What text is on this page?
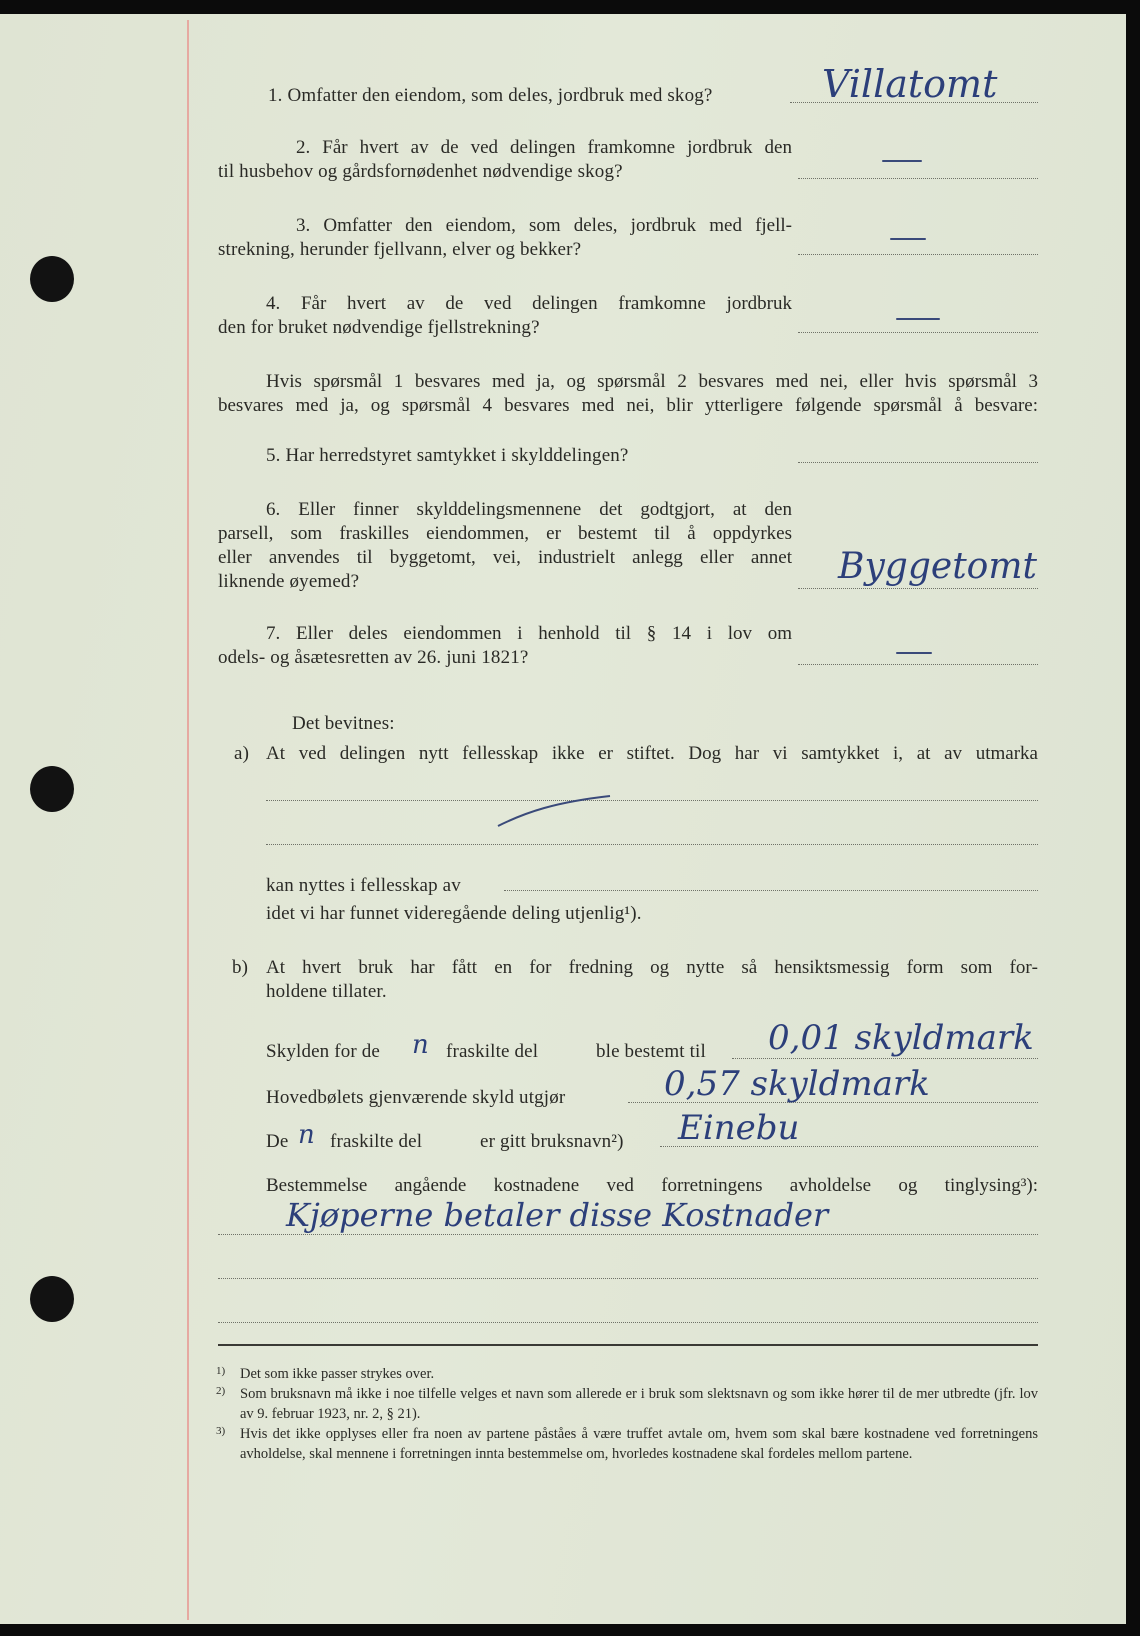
1. Omfatter den eiendom, som deles, jordbruk med skog?	Villatomt
2. Får hvert av de ved delingen framkomne jordbruk den
til husbehov og gårdsfornødenhet nødvendige skog?
3. Omfatter den eiendom, som deles, jordbruk med fjell‐
strekning, herunder fjellvann, elver og bekker?
4. Får hvert av de ved delingen framkomne jordbruk
den for bruket nødvendige fjellstrekning?
Hvis spørsmål 1 besvares med ja, og spørsmål 2 besvares med nei, eller hvis spørsmål 3
besvares med ja, og spørsmål 4 besvares med nei, blir ytterligere følgende spørsmål å besvare:
5. Har herredstyret samtykket i skylddelingen?
6. Eller finner skylddelingsmennene det godtgjort, at den
parsell, som fraskilles eiendommen, er bestemt til å oppdyrkes
eller anvendes til byggetomt, vei, industrielt anlegg eller annet
liknende øyemed?	Byggetomt
7. Eller deles eiendommen i henhold til § 14 i lov om
odels‐ og åsætesretten av 26. juni 1821?
Det bevitnes:
a) At ved delingen nytt fellesskap ikke er stiftet. Dog har vi samtykket i, at av utmarka
kan nyttes i fellesskap av
idet vi har funnet videregående deling utjenlig¹).
b) At hvert bruk har fått en for fredning og nytte så hensiktsmessig form som for‐
holdene tillater.
Skylden for de n fraskilte del	ble bestemt til 0,01 skyldmark
Hovedbølets gjenværende skyld utgjør	0,57 skyldmark
De n fraskilte del	er gitt bruksnavn²) Einebu
Bestemmelse angående kostnadene ved forretningens avholdelse og tinglysing³):
Kjøperne betaler disse Kostnader
1)	Det som ikke passer strykes over.
2)	Som bruksnavn må ikke i noe tilfelle velges et navn som allerede er i bruk som slektsnavn og som ikke hører til de mer utbredte (jfr. lov av 9. februar 1923, nr. 2, § 21).
3)	Hvis det ikke opplyses eller fra noen av partene påståes å være truffet avtale om, hvem som skal bære kostnadene ved forretningens avholdelse, skal mennene i forretningen innta bestemmelse om, hvorledes kostnadene skal fordeles mellom partene.
